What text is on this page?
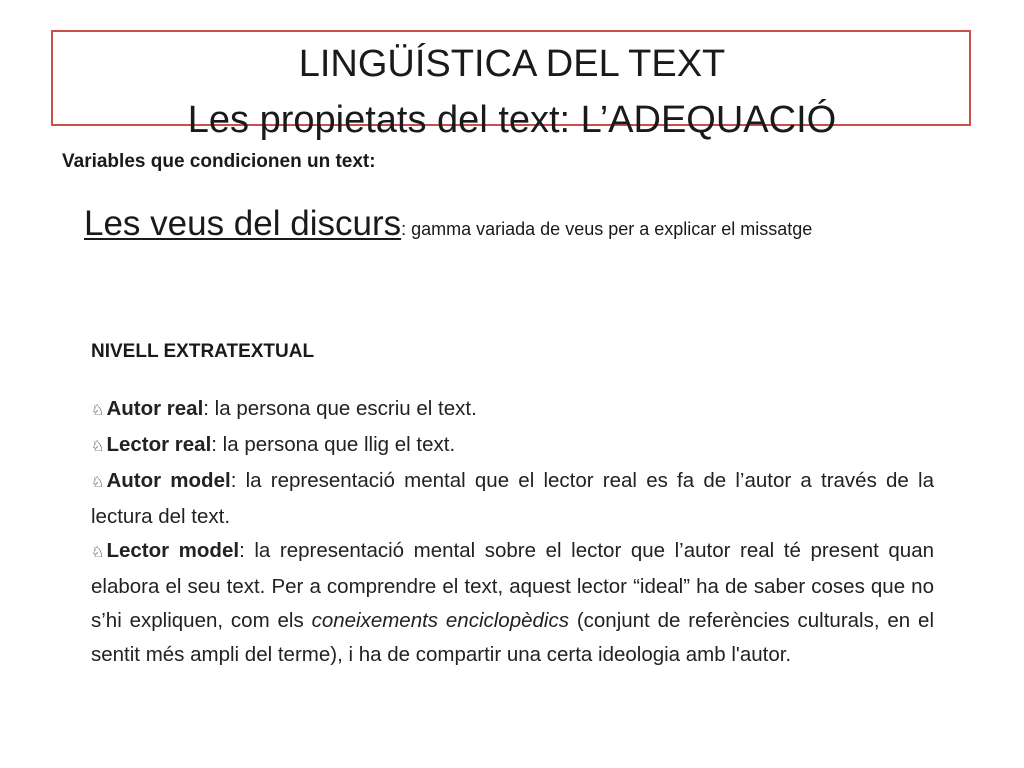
LINGÜÍSTICA DEL TEXT
Les propietats del text: L’ADEQUACIÓ
Variables que condicionen un text:
Les veus del discurs: gamma variada de veus per a explicar el missatge
NIVELL EXTRATEXTUAL
♘Autor real: la persona que escriu el text.
♘Lector real: la persona que llig el text.
♘Autor model: la representació mental que el lector real es fa de l’autor a través de la lectura del text.
♘Lector model: la representació mental sobre el lector que l’autor real té present quan elabora el seu text. Per a comprendre el text, aquest lector “ideal” ha de saber coses que no s’hi expliquen, com els coneixements enciclopèdics (conjunt de referències culturals, en el sentit més ampli del terme), i ha de compartir una certa ideologia amb l'autor.
